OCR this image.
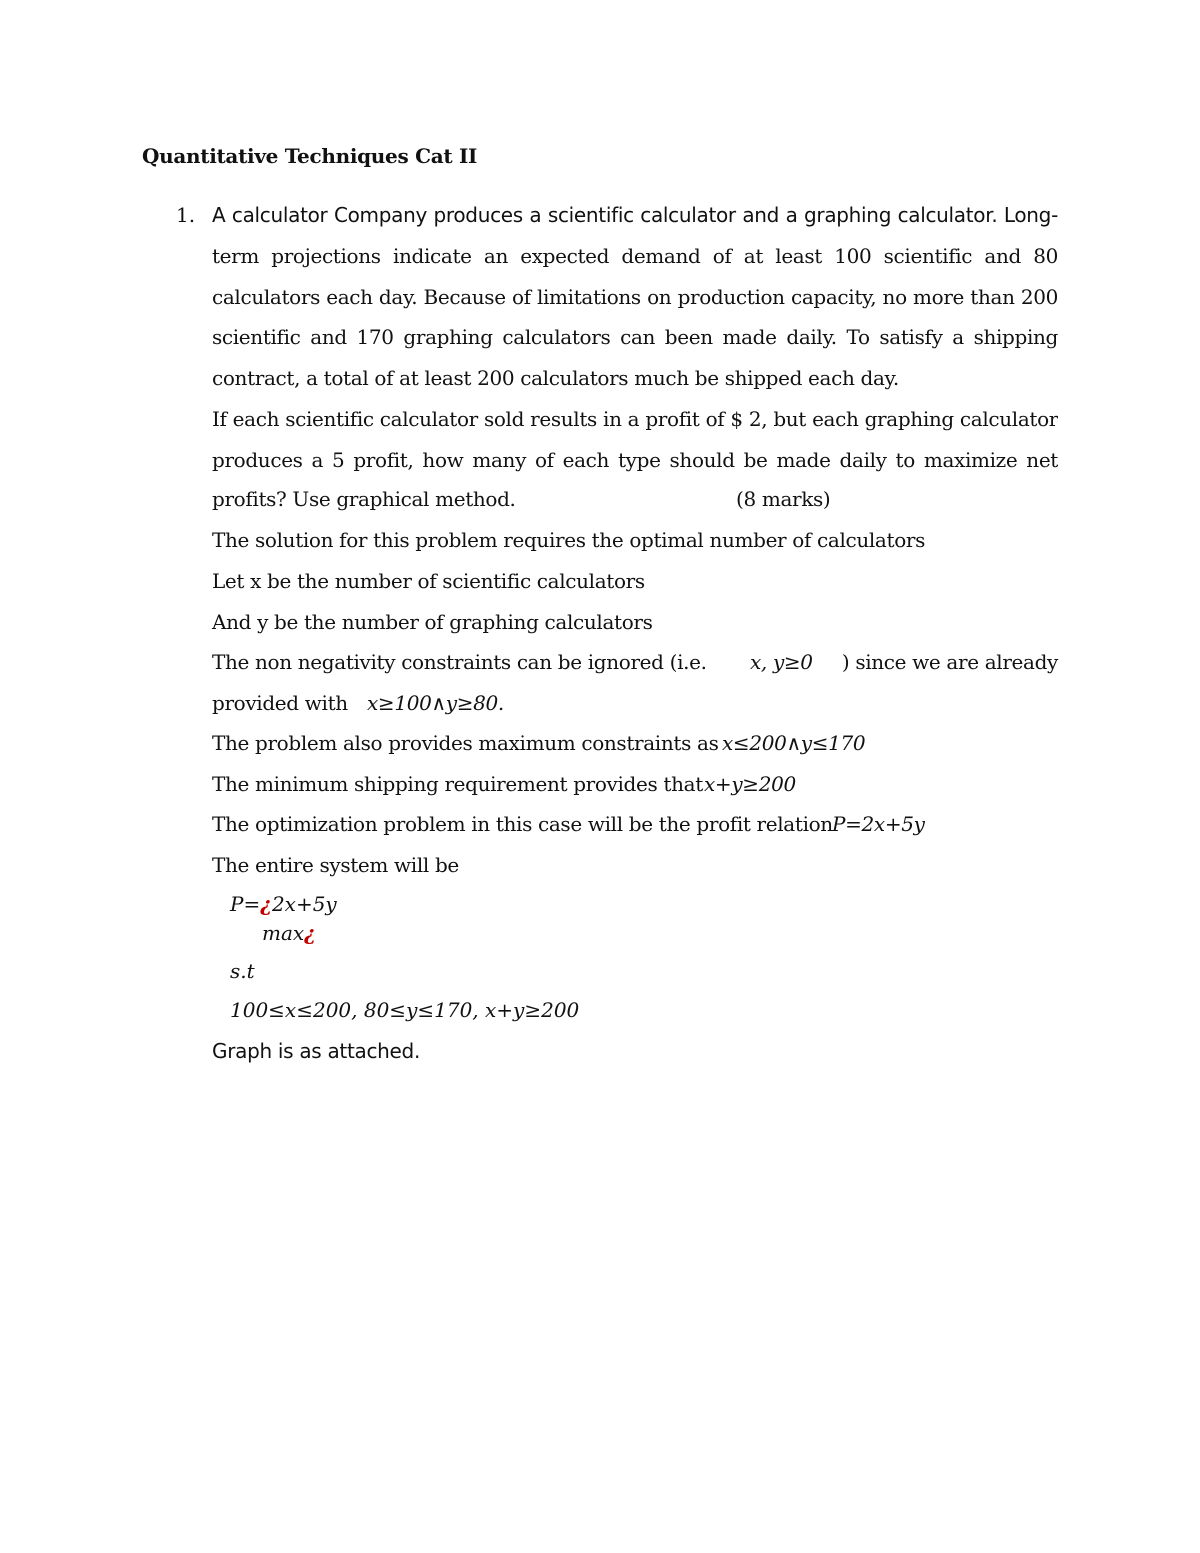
Quantitative Techniques Cat II
1. A calculator Company produces a scientific calculator and a graphing calculator. Long-
term projections indicate an expected demand of at least 100 scientific and 80
calculators each day. Because of limitations on production capacity, no more than 200
scientific and 170 graphing calculators can been made daily. To satisfy a shipping
contract, a total of at least 200 calculators much be shipped each day.
If each scientific calculator sold results in a profit of $ 2, but each graphing calculator
produces a 5 profit, how many of each type should be made daily to maximize net
profits? Use graphical method.	(8 marks)
The solution for this problem requires the optimal number of calculators
Let x be the number of scientific calculators
And y be the number of graphing calculators
The non negativity constraints can be ignored (i.e. x, y≥0 ) since we are already
provided with x≥100∧y≥80.
The problem also provides maximum constraints as x≤200∧y≤170
The minimum shipping requirement provides that x+y≥200
The optimization problem in this case will be the profit relation P=2x+5y
The entire system will be
P=¿2x+5y
max¿
s.t
100≤x≤200, 80≤y≤170, x+y≥200
Graph is as attached.
